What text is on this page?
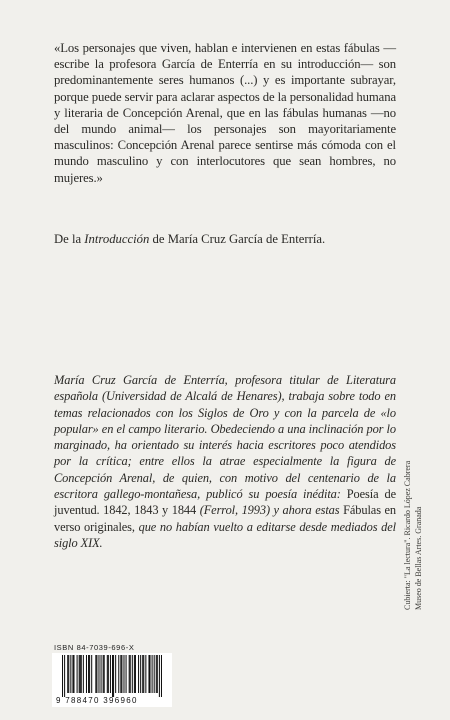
«Los personajes que viven, hablan e intervienen en estas fábulas —escribe la profesora García de Enterría en su introducción— son predominantemente seres humanos (...) y es importante subrayar, porque puede servir para aclarar aspectos de la personalidad humana y literaria de Concepción Arenal, que en las fábulas humanas —no del mundo animal— los personajes son mayoritariamente masculinos: Concepción Arenal parece sentirse más cómoda con el mundo masculino y con interlocutores que sean hombres, no mujeres.»

De la Introducción de María Cruz García de Enterría.
María Cruz García de Enterría, profesora titular de Literatura española (Universidad de Alcalá de Henares), trabaja sobre todo en temas relacionados con los Siglos de Oro y con la parcela de «lo popular» en el campo literario. Obedeciendo a una inclinación por lo marginado, ha orientado su interés hacia escritores poco atendidos por la crítica; entre ellos la atrae especialmente la figura de Concepción Arenal, de quien, con motivo del centenario de la escritora gallego-montañesa, publicó su poesía inédita: Poesía de juventud. 1842, 1843 y 1844 (Ferrol, 1993) y ahora estas Fábulas en verso originales, que no habían vuelto a editarse desde mediados del siglo XIX.	Cubierta: "La lectura". Ricardo López Cabrera Museo de Bellas Artes. Granada
ISBN 84-7039-696-X
9 788470 396960
